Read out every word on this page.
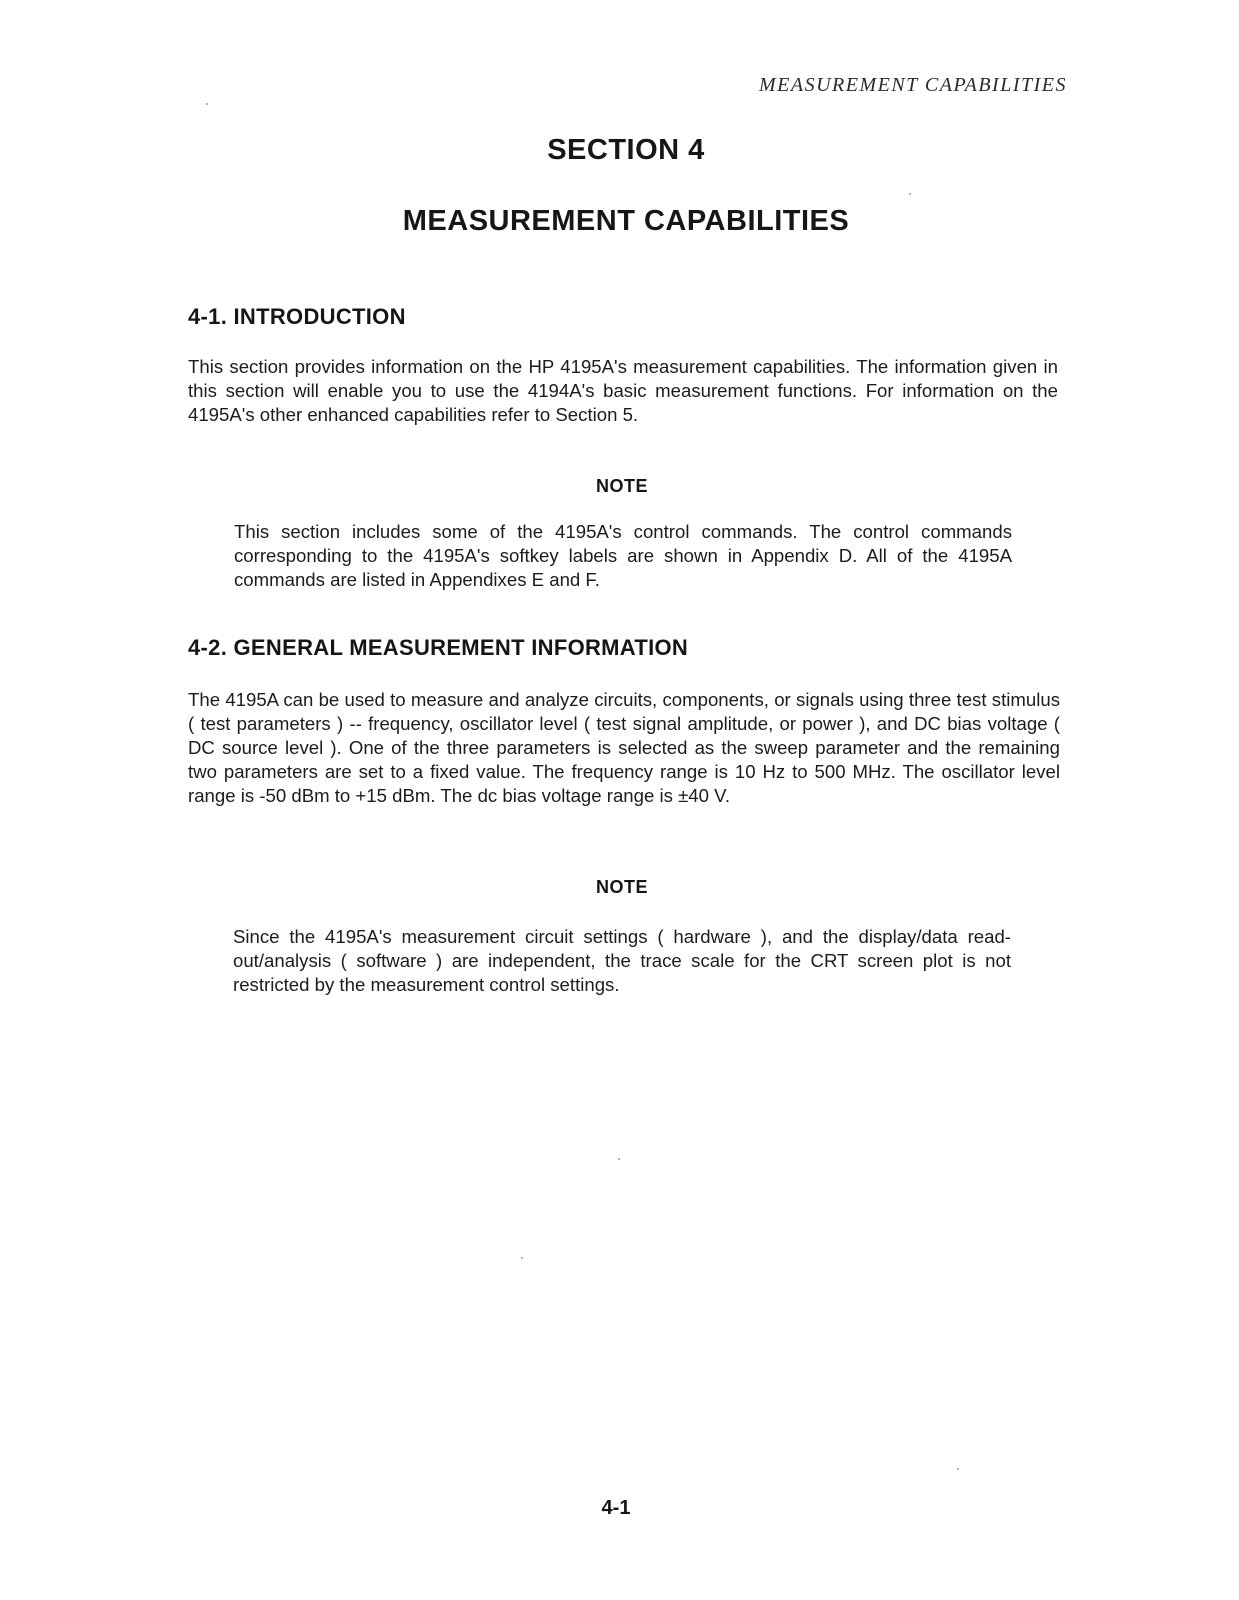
MEASUREMENT CAPABILITIES
SECTION 4
MEASUREMENT CAPABILITIES
4-1. INTRODUCTION
This section provides information on the HP 4195A's measurement capabilities. The information given in this section will enable you to use the 4194A's basic measurement functions. For information on the 4195A's other enhanced capabilities refer to Section 5.
NOTE
This section includes some of the 4195A's control commands. The control commands corresponding to the 4195A's softkey labels are shown in Appendix D. All of the 4195A commands are listed in Appendixes E and F.
4-2. GENERAL MEASUREMENT INFORMATION
The 4195A can be used to measure and analyze circuits, components, or signals using three test stimulus ( test parameters ) -- frequency, oscillator level ( test signal amplitude, or power ), and DC bias voltage ( DC source level ). One of the three parameters is selected as the sweep parameter and the remaining two parameters are set to a fixed value. The frequency range is 10 Hz to 500 MHz. The oscillator level range is -50 dBm to +15 dBm. The dc bias voltage range is ±40 V.
NOTE
Since the 4195A's measurement circuit settings ( hardware ), and the display/data read-out/analysis ( software ) are independent, the trace scale for the CRT screen plot is not restricted by the measurement control settings.
4-1
